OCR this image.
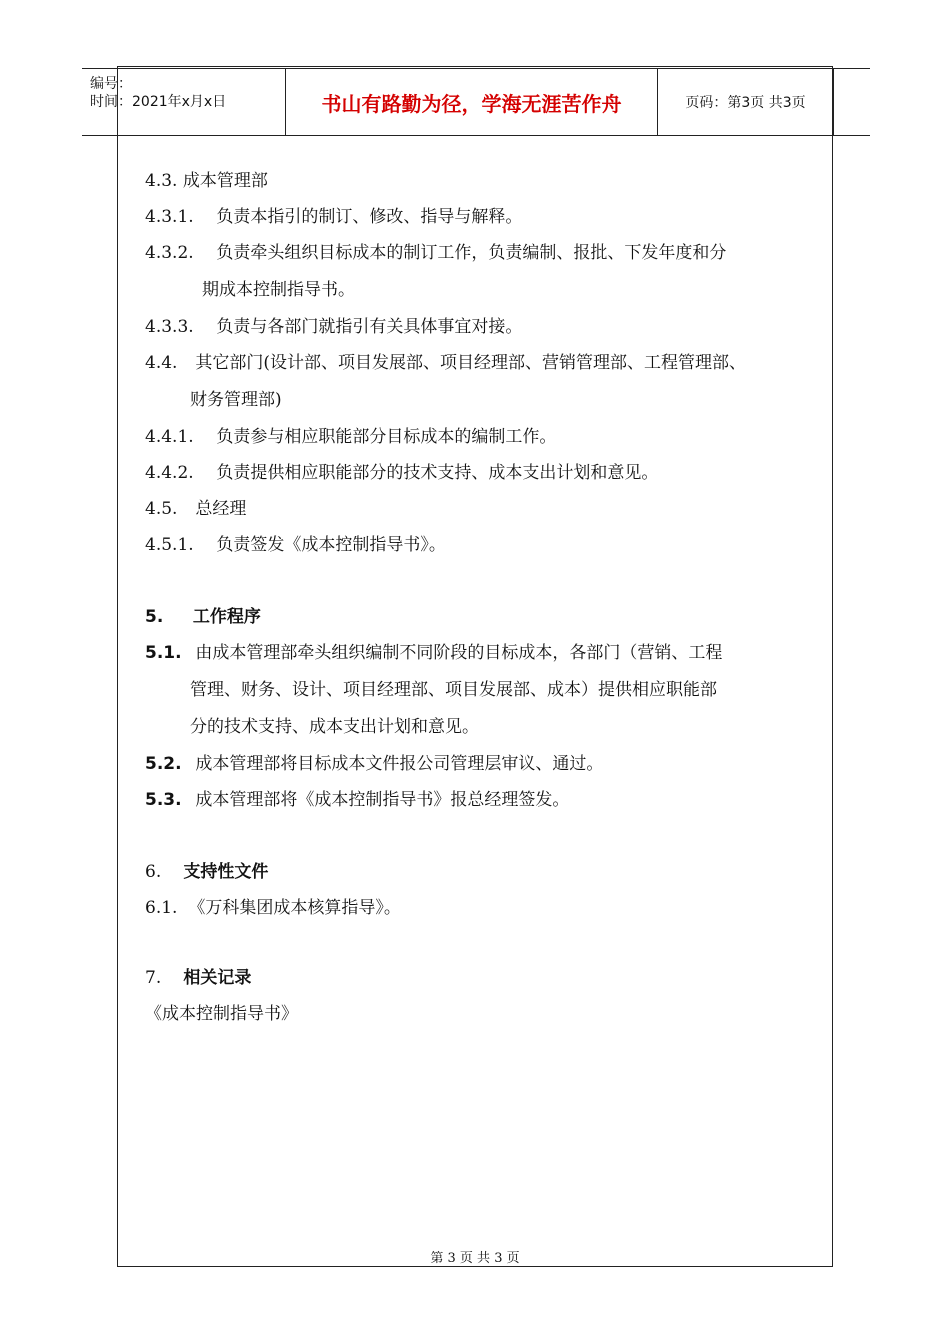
编号：
时间：2021年x月x日	书山有路勤为径，学海无涯苦作舟	页码：第3页 共3页
4.3. 成本管理部
4.3.1. 负责本指引的制订、修改、指导与解释。
4.3.2. 负责牵头组织目标成本的制订工作，负责编制、报批、下发年度和分
期成本控制指导书。
4.3.3. 负责与各部门就指引有关具体事宜对接。
4.4. 其它部门(设计部、项目发展部、项目经理部、营销管理部、工程管理部、
财务管理部)
4.4.1. 负责参与相应职能部分目标成本的编制工作。
4.4.2. 负责提供相应职能部分的技术支持、成本支出计划和意见。
4.5. 总经理
4.5.1. 负责签发《成本控制指导书》。
5. 工作程序
5.1. 由成本管理部牵头组织编制不同阶段的目标成本，各部门（营销、工程
管理、财务、设计、项目经理部、项目发展部、成本）提供相应职能部
分的技术支持、成本支出计划和意见。
5.2. 成本管理部将目标成本文件报公司管理层审议、通过。
5.3. 成本管理部将《成本控制指导书》报总经理签发。
6. 支持性文件
6.1. 《万科集团成本核算指导》。
7. 相关记录
《成本控制指导书》
第 3 页 共 3 页
